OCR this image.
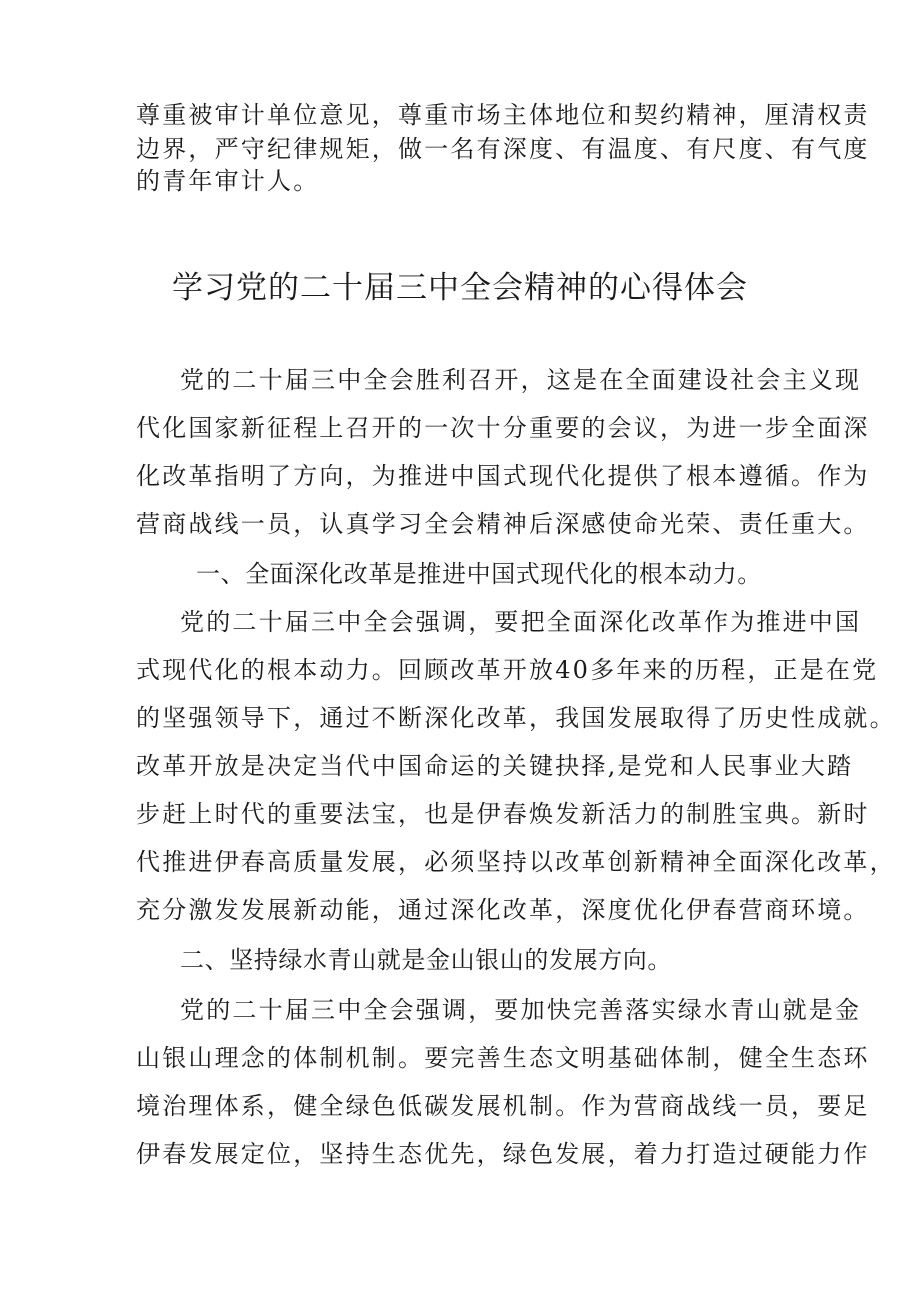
尊重被审计单位意见，尊重市场主体地位和契约精神，厘清权责
边界，严守纪律规矩，做一名有深度、有温度、有尺度、有气度
的青年审计人。
学习党的二十届三中全会精神的心得体会
党的二十届三中全会胜利召开，这是在全面建设社会主义现
代化国家新征程上召开的一次十分重要的会议，为进一步全面深
化改革指明了方向，为推进中国式现代化提供了根本遵循。作为
营商战线一员，认真学习全会精神后深感使命光荣、责任重大。
一、全面深化改革是推进中国式现代化的根本动力。
党的二十届三中全会强调，要把全面深化改革作为推进中国
式现代化的根本动力。回顾改革开放40多年来的历程，正是在党
的坚强领导下，通过不断深化改革，我国发展取得了历史性成就。
改革开放是决定当代中国命运的关键抉择,是党和人民事业大踏
步赶上时代的重要法宝，也是伊春焕发新活力的制胜宝典。新时
代推进伊春高质量发展，必须坚持以改革创新精神全面深化改革，
充分激发发展新动能，通过深化改革，深度优化伊春营商环境。
二、坚持绿水青山就是金山银山的发展方向。
党的二十届三中全会强调，要加快完善落实绿水青山就是金
山银山理念的体制机制。要完善生态文明基础体制，健全生态环
境治理体系，健全绿色低碳发展机制。作为营商战线一员，要足
伊春发展定位，坚持生态优先，绿色发展，着力打造过硬能力作
